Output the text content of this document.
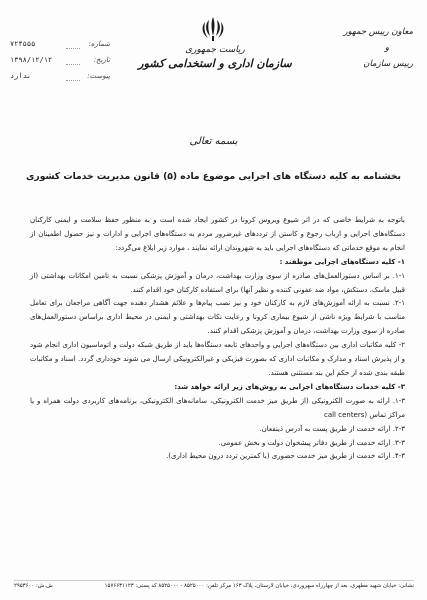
معاون رییس جمهور
و
رییس سازمان
ریاست جمهوری
سازمان اداری و استخدامی کشور
۷۲۴۵۵۵	شماره:
۱۳۹۸/۱۲/۱۲	تاریخ:
ندارد	پیوست:
بسمه تعالی
بخشنامه به کلیه دستگاه های اجرایی موضوع ماده (۵) قانون مدیریت خدمات کشوری

باتوجه به شرایط خاصی که در اثر شیوع ویروس کرونا در کشور ایجاد شده است و به منظور حفظ سلامت و ایمنی کارکنان دستگاه‌های اجرایی و ارباب رجوع و کاستن از ترددهای غیرضرور مردم به دستگاه‌های اجرایی و ادارات و نیز حصول اطمینان از انجام به موقع خدماتی که دستگاه‌های اجرایی باید به شهروندان ارائه نمایند ، موارد زیر ابلاغ می‌گردد:

۱- کلیه دستگاه‌های اجرایی موظفند :

۱-۱. بر اساس دستورالعمل‌های صادره از سوی وزارت بهداشت، درمان و آموزش پزشکی نسبت به تامین امکانات بهداشتی (از قبیل ماسک، دستکش، مواد ضد عفونی کننده و نظیر آنها) برای استفاده کارکنان خود اقدام کنند.

۲-۱. نسبت به ارائه آموزش‌های لازم به کارکنان خود و نیز نصب پیام‌ها و علائم هشدار دهنده جهت آگاهی مراجعان برای تعامل مناسب با شرایط ویژه ناشی از شیوع بیماری کرونا و رعایت نکات بهداشتی و ایمنی در محیط اداری براساس دستورالعمل‌های صادره از سوی وزارت بهداشت، درمان و آموزش پزشکی اقدام کنند.

۲- کلیه مکاتبات اداری بین دستگاه‌های اجرایی و واحدهای تابعه دستگاه‌ها باید از طریق شبکه دولت و اتوماسیون اداری انجام شود و از پذیرش اسناد و مدارک و مکاتبات اداری که بصورت فیزیکی و غیرالکترونیکی ارسال می شوند خودداری گردد. اسناد و مکاتبات طبقه بندی شده از حکم این بند مستثنی هستند.

۳- کلیه خدمات دستگاه‌های اجرایی به روش‌های زیر ارائه خواهد شد:

۱-۳. ارائه به صورت الکترونیکی (از طریق میز خدمت الکترونیکی، سامانه‌های الکترونیکی، برنامه‌های کاربردی دولت همراه و یا مراکز تماس (call centers

۲-۳. ارائه خدمت از طریق پست به آدرس ذینفعان.

۳-۳. ارائه خدمت از طریق دفاتر پیشخوان دولت و بخش عمومی.

۴-۳. ارائه خدمت از طریق میز خدمت حضوری (با کمترین تردد درون محیط اداری).

نشانی: خیابان شهید مطهری، بعد از چهارراه سهروردی، خیابان لارستان، پلاک ۱۶۳ مرکز تلفن: ۸۵۲۵۰۰۰ - ۸۵۲۵۰۰۰ کد پستی: ۱۵۷۶۶۳۱۱۲۳
ش.ش: ۲۹۵۳۶۰۰
